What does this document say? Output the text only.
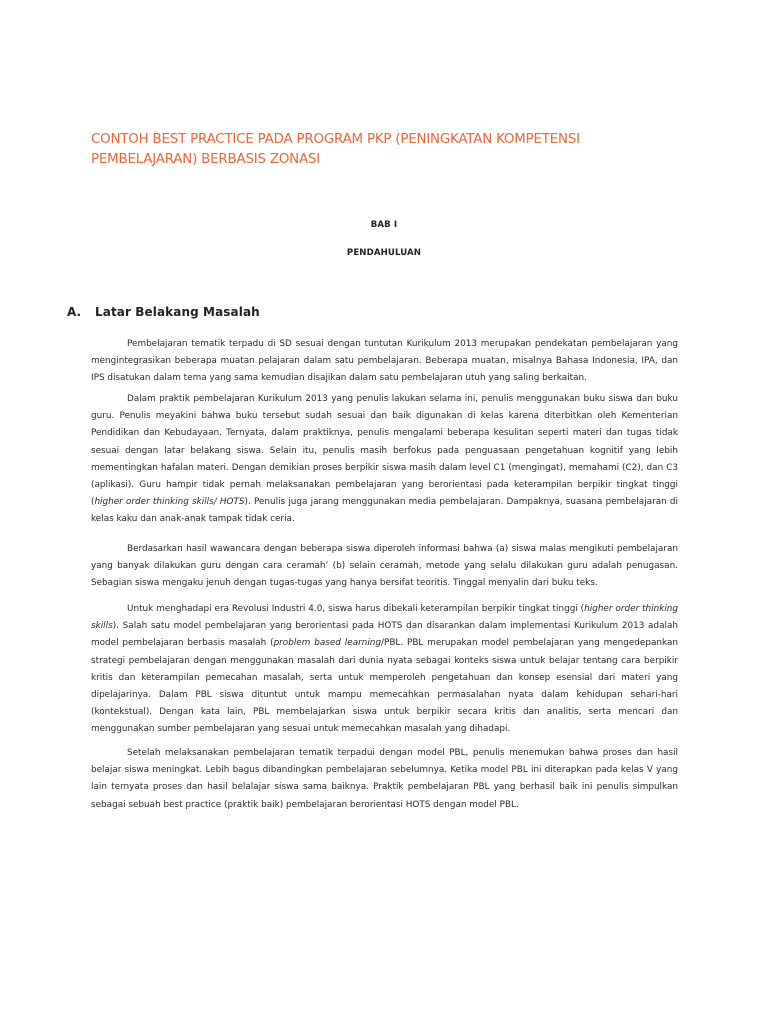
CONTOH BEST PRACTICE PADA PROGRAM PKP (PENINGKATAN KOMPETENSI PEMBELAJARAN) BERBASIS ZONASI
BAB I
PENDAHULUAN
A. Latar Belakang Masalah

Pembelajaran tematik terpadu di SD sesuai dengan tuntutan Kurikulum 2013 merupakan pendekatan pembelajaran yang mengintegrasikan beberapa muatan pelajaran dalam satu pembelajaran. Beberapa muatan, misalnya Bahasa Indonesia, IPA, dan IPS disatukan dalam tema yang sama kemudian disajikan dalam satu pembelajaran utuh yang saling berkaitan.

Dalam praktik pembelajaran Kurikulum 2013 yang penulis lakukan selama ini, penulis menggunakan buku siswa dan buku guru. Penulis meyakini bahwa buku tersebut sudah sesuai dan baik digunakan di kelas karena diterbitkan oleh Kementerian Pendidikan dan Kebudayaan. Ternyata, dalam praktiknya, penulis mengalami beberapa kesulitan seperti materi dan tugas tidak sesuai dengan latar belakang siswa. Selain itu, penulis masih berfokus pada penguasaan pengetahuan kognitif yang lebih mementingkan hafalan materi. Dengan demikian proses berpikir siswa masih dalam level C1 (mengingat), memahami (C2), dan C3 (aplikasi). Guru hampir tidak pernah melaksanakan pembelajaran yang berorientasi pada keterampilan berpikir tingkat tinggi (higher order thinking skills/ HOTS). Penulis juga jarang menggunakan media pembelajaran. Dampaknya, suasana pembelajaran di kelas kaku dan anak-anak tampak tidak ceria.

Berdasarkan hasil wawancara dengan beberapa siswa diperoleh informasi bahwa (a) siswa malas mengikuti pembelajaran yang banyak dilakukan guru dengan cara ceramah’ (b) selain ceramah, metode yang selalu dilakukan guru adalah penugasan. Sebagian siswa mengaku jenuh dengan tugas-tugas yang hanya bersifat teoritis. Tinggal menyalin dari buku teks.

Untuk menghadapi era Revolusi Industri 4.0, siswa harus dibekali keterampilan berpikir tingkat tinggi (higher order thinking skills). Salah satu model pembelajaran yang berorientasi pada HOTS dan disarankan dalam implementasi Kurikulum 2013 adalah model pembelajaran berbasis masalah (problem based learning/PBL. PBL merupakan model pembelajaran yang mengedepankan strategi pembelajaran dengan menggunakan masalah dari dunia nyata sebagai konteks siswa untuk belajar tentang cara berpikir kritis dan keterampilan pemecahan masalah, serta untuk memperoleh pengetahuan dan konsep esensial dari materi yang dipelajarinya. Dalam PBL siswa dituntut untuk mampu memecahkan permasalahan nyata dalam kehidupan sehari-hari (kontekstual). Dengan kata lain, PBL membelajarkan siswa untuk berpikir secara kritis dan analitis, serta mencari dan menggunakan sumber pembelajaran yang sesuai untuk memecahkan masalah yang dihadapi.

Setelah melaksanakan pembelajaran tematik terpadui dengan model PBL, penulis menemukan bahwa proses dan hasil belajar siswa meningkat. Lebih bagus dibandingkan pembelajaran sebelumnya. Ketika model PBL ini diterapkan pada kelas V yang lain ternyata proses dan hasil belalajar siswa sama baiknya. Praktik pembelajaran PBL yang berhasil baik ini penulis simpulkan sebagai sebuah best practice (praktik baik) pembelajaran berorientasi HOTS dengan model PBL.
